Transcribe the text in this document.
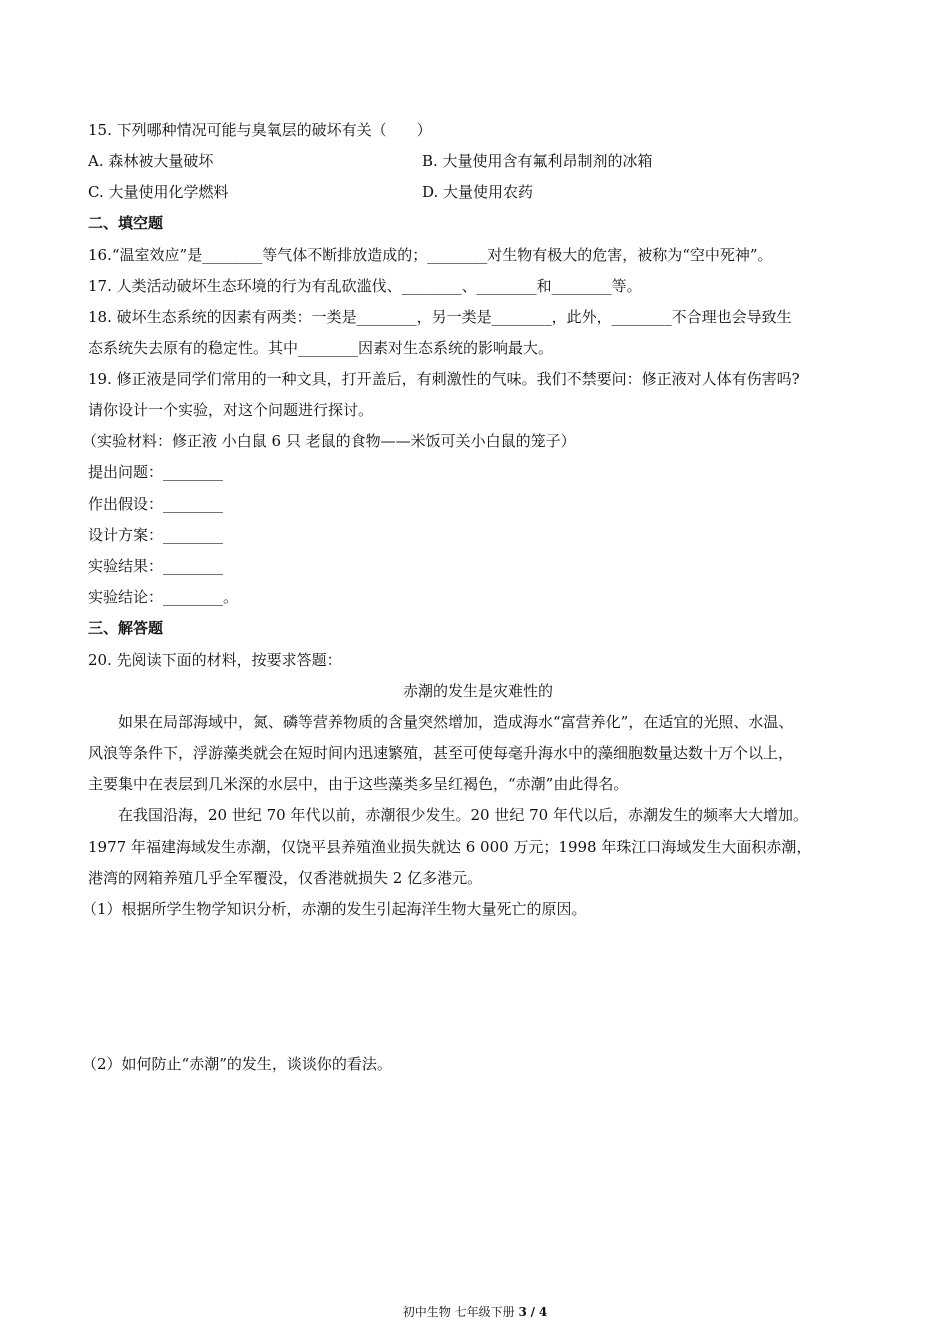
15. 下列哪种情况可能与臭氧层的破坏有关（　　）
A. 森林被大量破坏	B. 大量使用含有氟利昂制剂的冰箱
C. 大量使用化学燃料	D. 大量使用农药
二、填空题
16.“温室效应”是________等气体不断排放造成的；________对生物有极大的危害，被称为“空中死神”。
17. 人类活动破坏生态环境的行为有乱砍滥伐、________、________和________等。
18. 破坏生态系统的因素有两类：一类是________，另一类是________，此外，________不合理也会导致生
态系统失去原有的稳定性。其中________因素对生态系统的影响最大。
19. 修正液是同学们常用的一种文具，打开盖后，有刺激性的气味。我们不禁要问：修正液对人体有伤害吗?
请你设计一个实验，对这个问题进行探讨。
（实验材料：修正液 小白鼠 6 只 老鼠的食物——米饭可关小白鼠的笼子）
提出问题：________
作出假设：________
设计方案：________
实验结果：________
实验结论：________。
三、解答题
20. 先阅读下面的材料，按要求答题：
赤潮的发生是灾难性的
　　如果在局部海域中，氮、磷等营养物质的含量突然增加，造成海水“富营养化”，在适宜的光照、水温、
风浪等条件下，浮游藻类就会在短时间内迅速繁殖，甚至可使每毫升海水中的藻细胞数量达数十万个以上，
主要集中在表层到几米深的水层中，由于这些藻类多呈红褐色，“赤潮”由此得名。
　　在我国沿海，20 世纪 70 年代以前，赤潮很少发生。20 世纪 70 年代以后，赤潮发生的频率大大增加。
1977 年福建海域发生赤潮，仅饶平县养殖渔业损失就达 6 000 万元；1998 年珠江口海域发生大面积赤潮，
港湾的网箱养殖几乎全军覆没，仅香港就损失 2 亿多港元。
（1）根据所学生物学知识分析，赤潮的发生引起海洋生物大量死亡的原因。
（2）如何防止“赤潮”的发生，谈谈你的看法。
初中生物 七年级下册 3 / 4
